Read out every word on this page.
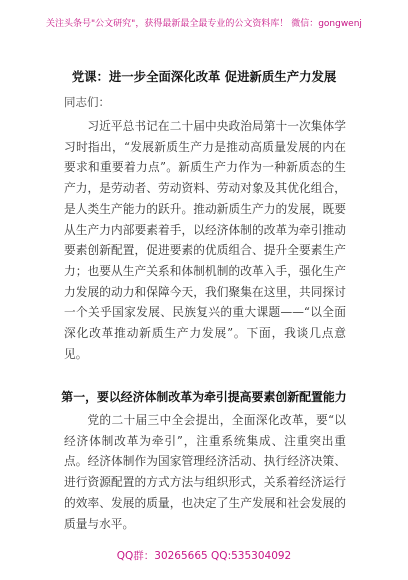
关注头条号"公文研究"，获得最新最全最专业的公文资料库！ 微信：gongwenj
党课：进一步全面深化改革 促进新质生产力发展
同志们：
习近平总书记在二十届中央政治局第十一次集体学习时指出，“发展新质生产力是推动高质量发展的内在要求和重要着力点”。新质生产力作为一种新质态的生产力，是劳动者、劳动资料、劳动对象及其优化组合，是人类生产能力的跃升。推动新质生产力的发展，既要从生产力内部要素着手，以经济体制的改革为牵引推动要素创新配置，促进要素的优质组合、提升全要素生产力；也要从生产关系和体制机制的改革入手，强化生产力发展的动力和保障今天，我们聚集在这里，共同探讨一个关乎国家发展、民族复兴的重大课题——“以全面深化改革推动新质生产力发展”。下面，我谈几点意见。
第一，要以经济体制改革为牵引提高要素创新配置能力
党的二十届三中全会提出，全面深化改革，要“以经济体制改革为牵引”，注重系统集成、注重突出重点。经济体制作为国家管理经济活动、执行经济决策、进行资源配置的方式方法与组织形式，关系着经济运行的效率、发展的质量，也决定了生产发展和社会发展的质量与水平。
QQ群：30265665 QQ:535304092
